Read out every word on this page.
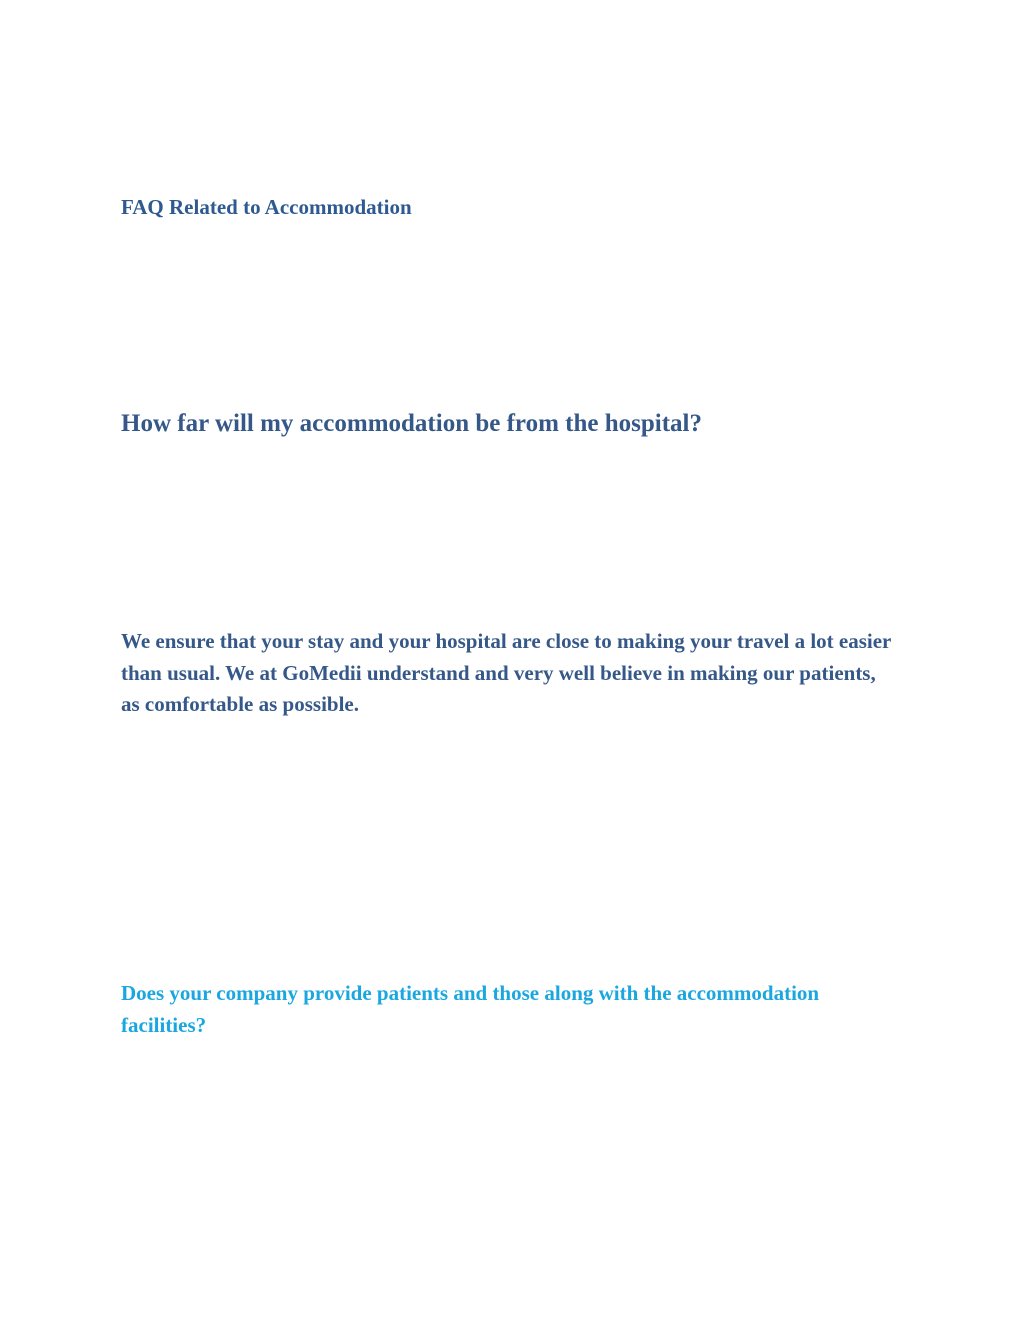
FAQ Related to Accommodation
How far will my accommodation be from the hospital?

We ensure that your stay and your hospital are close to making your travel a lot easier than usual. We at GoMedii understand and very well believe in making our patients, as comfortable as possible.

Does your company provide patients and those along with the accommodation facilities?
